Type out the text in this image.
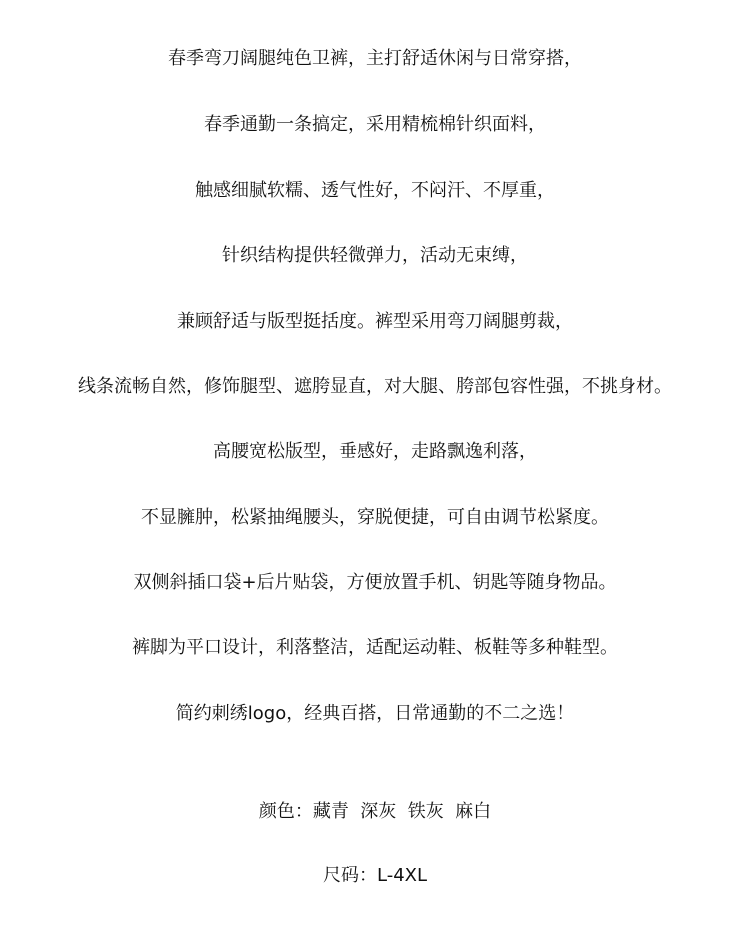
春季弯刀阔腿纯色卫裤，主打舒适休闲与日常穿搭，
春季通勤一条搞定，采用精梳棉针织面料，
触感细腻软糯、透气性好，不闷汗、不厚重，
针织结构提供轻微弹力，活动无束缚，
兼顾舒适与版型挺括度。裤型采用弯刀阔腿剪裁，
线条流畅自然，修饰腿型、遮胯显直，对大腿、胯部包容性强，不挑身材。
高腰宽松版型，垂感好，走路飘逸利落，
不显臃肿，松紧抽绳腰头，穿脱便捷，可自由调节松紧度。
双侧斜插口袋+后片贴袋，方便放置手机、钥匙等随身物品。
裤脚为平口设计，利落整洁，适配运动鞋、板鞋等多种鞋型。
简约刺绣logo，经典百搭，日常通勤的不二之选！
颜色：藏青  深灰  铁灰  麻白
尺码：L-4XL
